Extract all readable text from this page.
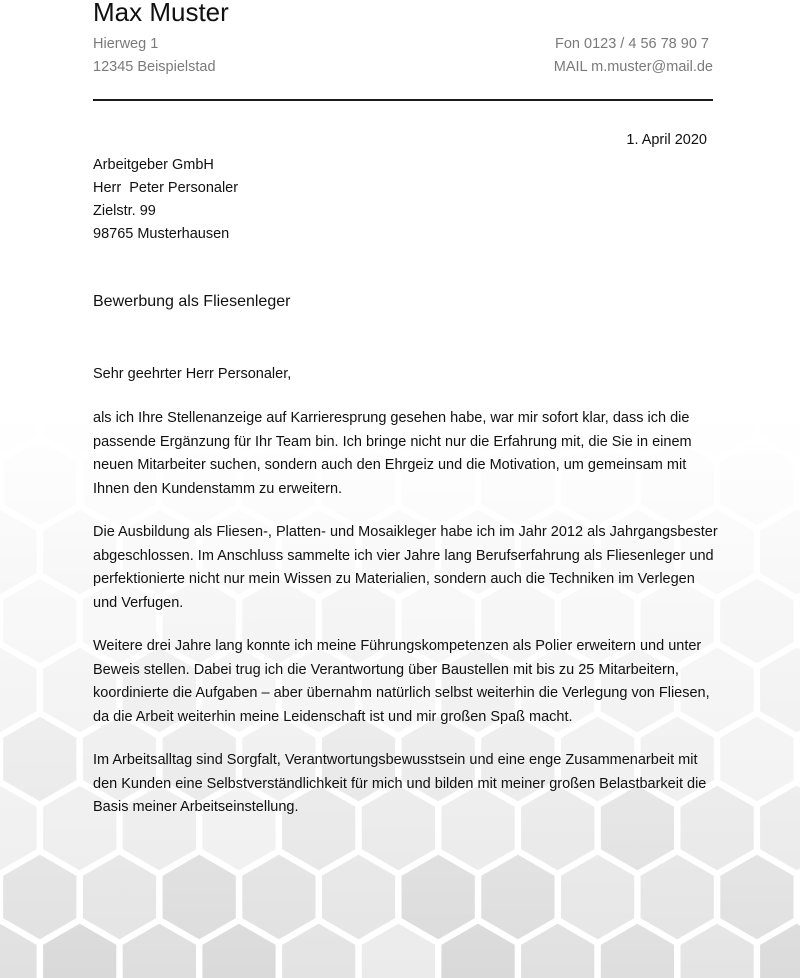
Max Muster
Hierweg 1
12345 Beispielstad
Fon 0123 / 4 56 78 90 7
MAIL m.muster@mail.de
1. April 2020
Arbeitgeber GmbH
Herr  Peter Personaler
Zielstr. 99
98765 Musterhausen
Bewerbung als Fliesenleger

Sehr geehrter Herr Personaler,

als ich Ihre Stellenanzeige auf Karrieresprung gesehen habe, war mir sofort klar, dass ich die passende Ergänzung für Ihr Team bin. Ich bringe nicht nur die Erfahrung mit, die Sie in einem neuen Mitarbeiter suchen, sondern auch den Ehrgeiz und die Motivation, um gemeinsam mit Ihnen den Kundenstamm zu erweitern.

Die Ausbildung als Fliesen-, Platten- und Mosaikleger habe ich im Jahr 2012 als Jahrgangsbester abgeschlossen. Im Anschluss sammelte ich vier Jahre lang Berufserfahrung als Fliesenleger und perfektionierte nicht nur mein Wissen zu Materialien, sondern auch die Techniken im Verlegen und Verfugen.

Weitere drei Jahre lang konnte ich meine Führungskompetenzen als Polier erweitern und unter Beweis stellen. Dabei trug ich die Verantwortung über Baustellen mit bis zu 25 Mitarbeitern, koordinierte die Aufgaben – aber übernahm natürlich selbst weiterhin die Verlegung von Fliesen, da die Arbeit weiterhin meine Leidenschaft ist und mir großen Spaß macht.

Im Arbeitsalltag sind Sorgfalt, Verantwortungsbewusstsein und eine enge Zusammenarbeit mit den Kunden eine Selbstverständlichkeit für mich und bilden mit meiner großen Belastbarkeit die Basis meiner Arbeitseinstellung.
